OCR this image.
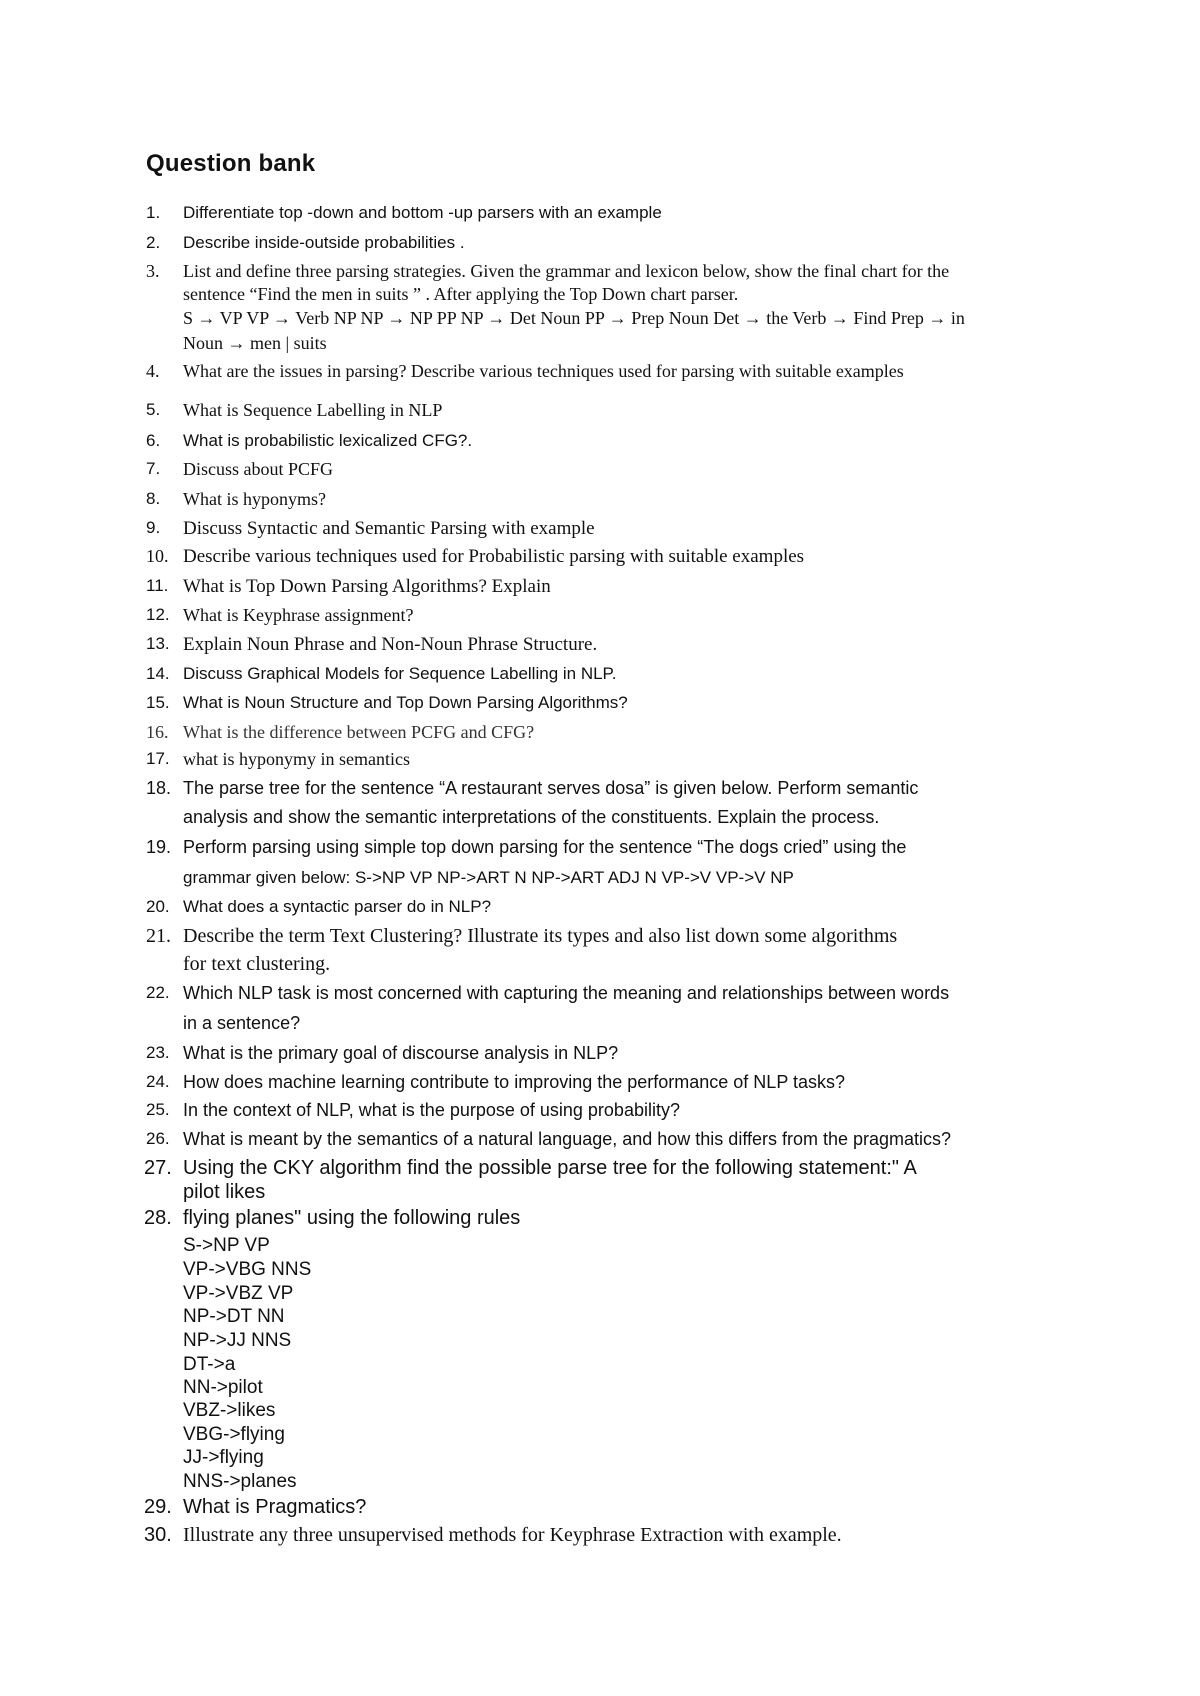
Question bank
1. Differentiate top -down and bottom -up parsers with an example
2. Describe inside-outside probabilities .
3. List and define three parsing strategies. Given the grammar and lexicon below, show the final chart for the
sentence “Find the men in suits ” . After applying the Top Down chart parser.
S → VP VP → Verb NP NP → NP PP NP → Det Noun PP → Prep Noun Det → the Verb → Find Prep → in
Noun → men | suits
4. What are the issues in parsing? Describe various techniques used for parsing with suitable examples
5. What is Sequence Labelling in NLP
6. What is probabilistic lexicalized CFG?.
7. Discuss about PCFG
8. What is hyponyms?
9. Discuss Syntactic and Semantic Parsing with example
10. Describe various techniques used for Probabilistic parsing with suitable examples
11. What is Top Down Parsing Algorithms? Explain
12. What is Keyphrase assignment?
13. Explain Noun Phrase and Non-Noun Phrase Structure.
14. Discuss Graphical Models for Sequence Labelling in NLP.
15. What is Noun Structure and Top Down Parsing Algorithms?
16. What is the difference between PCFG and CFG?
17. what is hyponymy in semantics
18. The parse tree for the sentence “A restaurant serves dosa” is given below. Perform semantic
analysis and show the semantic interpretations of the constituents. Explain the process.
19. Perform parsing using simple top down parsing for the sentence “The dogs cried” using the
grammar given below: S->NP VP NP->ART N NP->ART ADJ N VP->V VP->V NP
20. What does a syntactic parser do in NLP?
21. Describe the term Text Clustering? Illustrate its types and also list down some algorithms
for text clustering.
22. Which NLP task is most concerned with capturing the meaning and relationships between words
in a sentence?
23. What is the primary goal of discourse analysis in NLP?
24. How does machine learning contribute to improving the performance of NLP tasks?
25. In the context of NLP, what is the purpose of using probability?
26. What is meant by the semantics of a natural language, and how this differs from the pragmatics?
27. Using the CKY algorithm find the possible parse tree for the following statement:" A
pilot likes
28. flying planes" using the following rules
S->NP VP
VP->VBG NNS
VP->VBZ VP
NP->DT NN
NP->JJ NNS
DT->a
NN->pilot
VBZ->likes
VBG->flying
JJ->flying
NNS->planes
29. What is Pragmatics?
30. Illustrate any three unsupervised methods for Keyphrase Extraction with example.
